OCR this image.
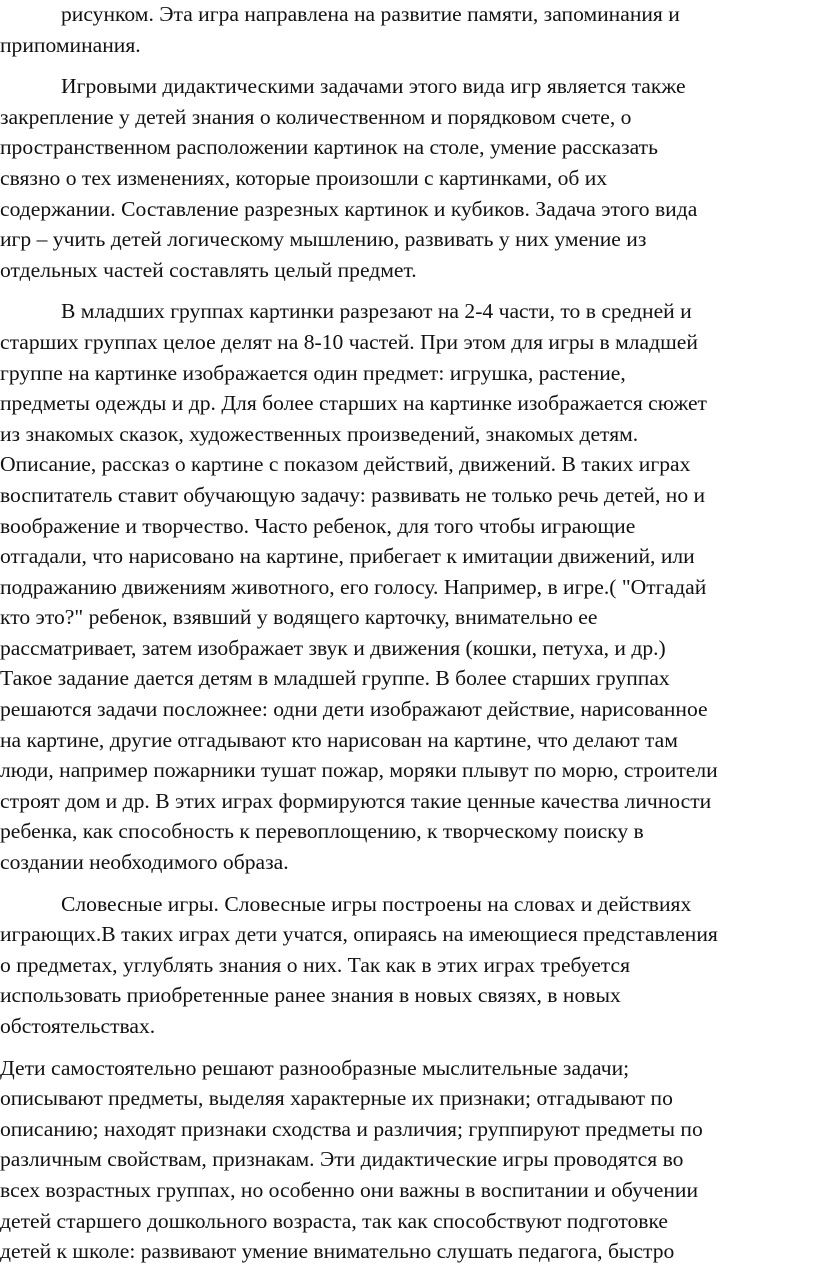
рисунком. Эта игра направлена на развитие памяти, запоминания и
припоминания.

Игровыми дидактическими задачами этого вида игр является также
закрепление у детей знания о количественном и порядковом счете, о
пространственном расположении картинок на столе, умение рассказать
связно о тех изменениях, которые произошли с картинками, об их
содержании. Составление разрезных картинок и кубиков. Задача этого вида
игр – учить детей логическому мышлению, развивать у них умение из
отдельных частей составлять целый предмет.

В младших группах картинки разрезают на 2-4 части, то в средней и
старших группах целое делят на 8-10 частей. При этом для игры в младшей
группе на картинке изображается один предмет: игрушка, растение,
предметы одежды и др. Для более старших на картинке изображается сюжет
из знакомых сказок, художественных произведений, знакомых детям.
Описание, рассказ о картине с показом действий, движений. В таких играх
воспитатель ставит обучающую задачу: развивать не только речь детей, но и
воображение и творчество. Часто ребенок, для того чтобы играющие
отгадали, что нарисовано на картине, прибегает к имитации движений, или
подражанию движениям животного, его голосу. Например, в игре.( "Отгадай
кто это?" ребенок, взявший у водящего карточку, внимательно ее
рассматривает, затем изображает звук и движения (кошки, петуха, и др.)
Такое задание дается детям в младшей группе. В более старших группах
решаются задачи посложнее: одни дети изображают действие, нарисованное
на картине, другие отгадывают кто нарисован на картине, что делают там
люди, например пожарники тушат пожар, моряки плывут по морю, строители
строят дом и др. В этих играх формируются такие ценные качества личности
ребенка, как способность к перевоплощению, к творческому поиску в
создании необходимого образа.

Словесные игры. Словесные игры построены на словах и действиях
играющих.В таких играх дети учатся, опираясь на имеющиеся представления
о предметах, углублять знания о них. Так как в этих играх требуется
использовать приобретенные ранее знания в новых связях, в новых
обстоятельствах.

Дети самостоятельно решают разнообразные мыслительные задачи;
описывают предметы, выделяя характерные их признаки; отгадывают по
описанию; находят признаки сходства и различия; группируют предметы по
различным свойствам, признакам. Эти дидактические игры проводятся во
всех возрастных группах, но особенно они важны в воспитании и обучении
детей старшего дошкольного возраста, так как способствуют подготовке
детей к школе: развивают умение внимательно слушать педагога, быстро
